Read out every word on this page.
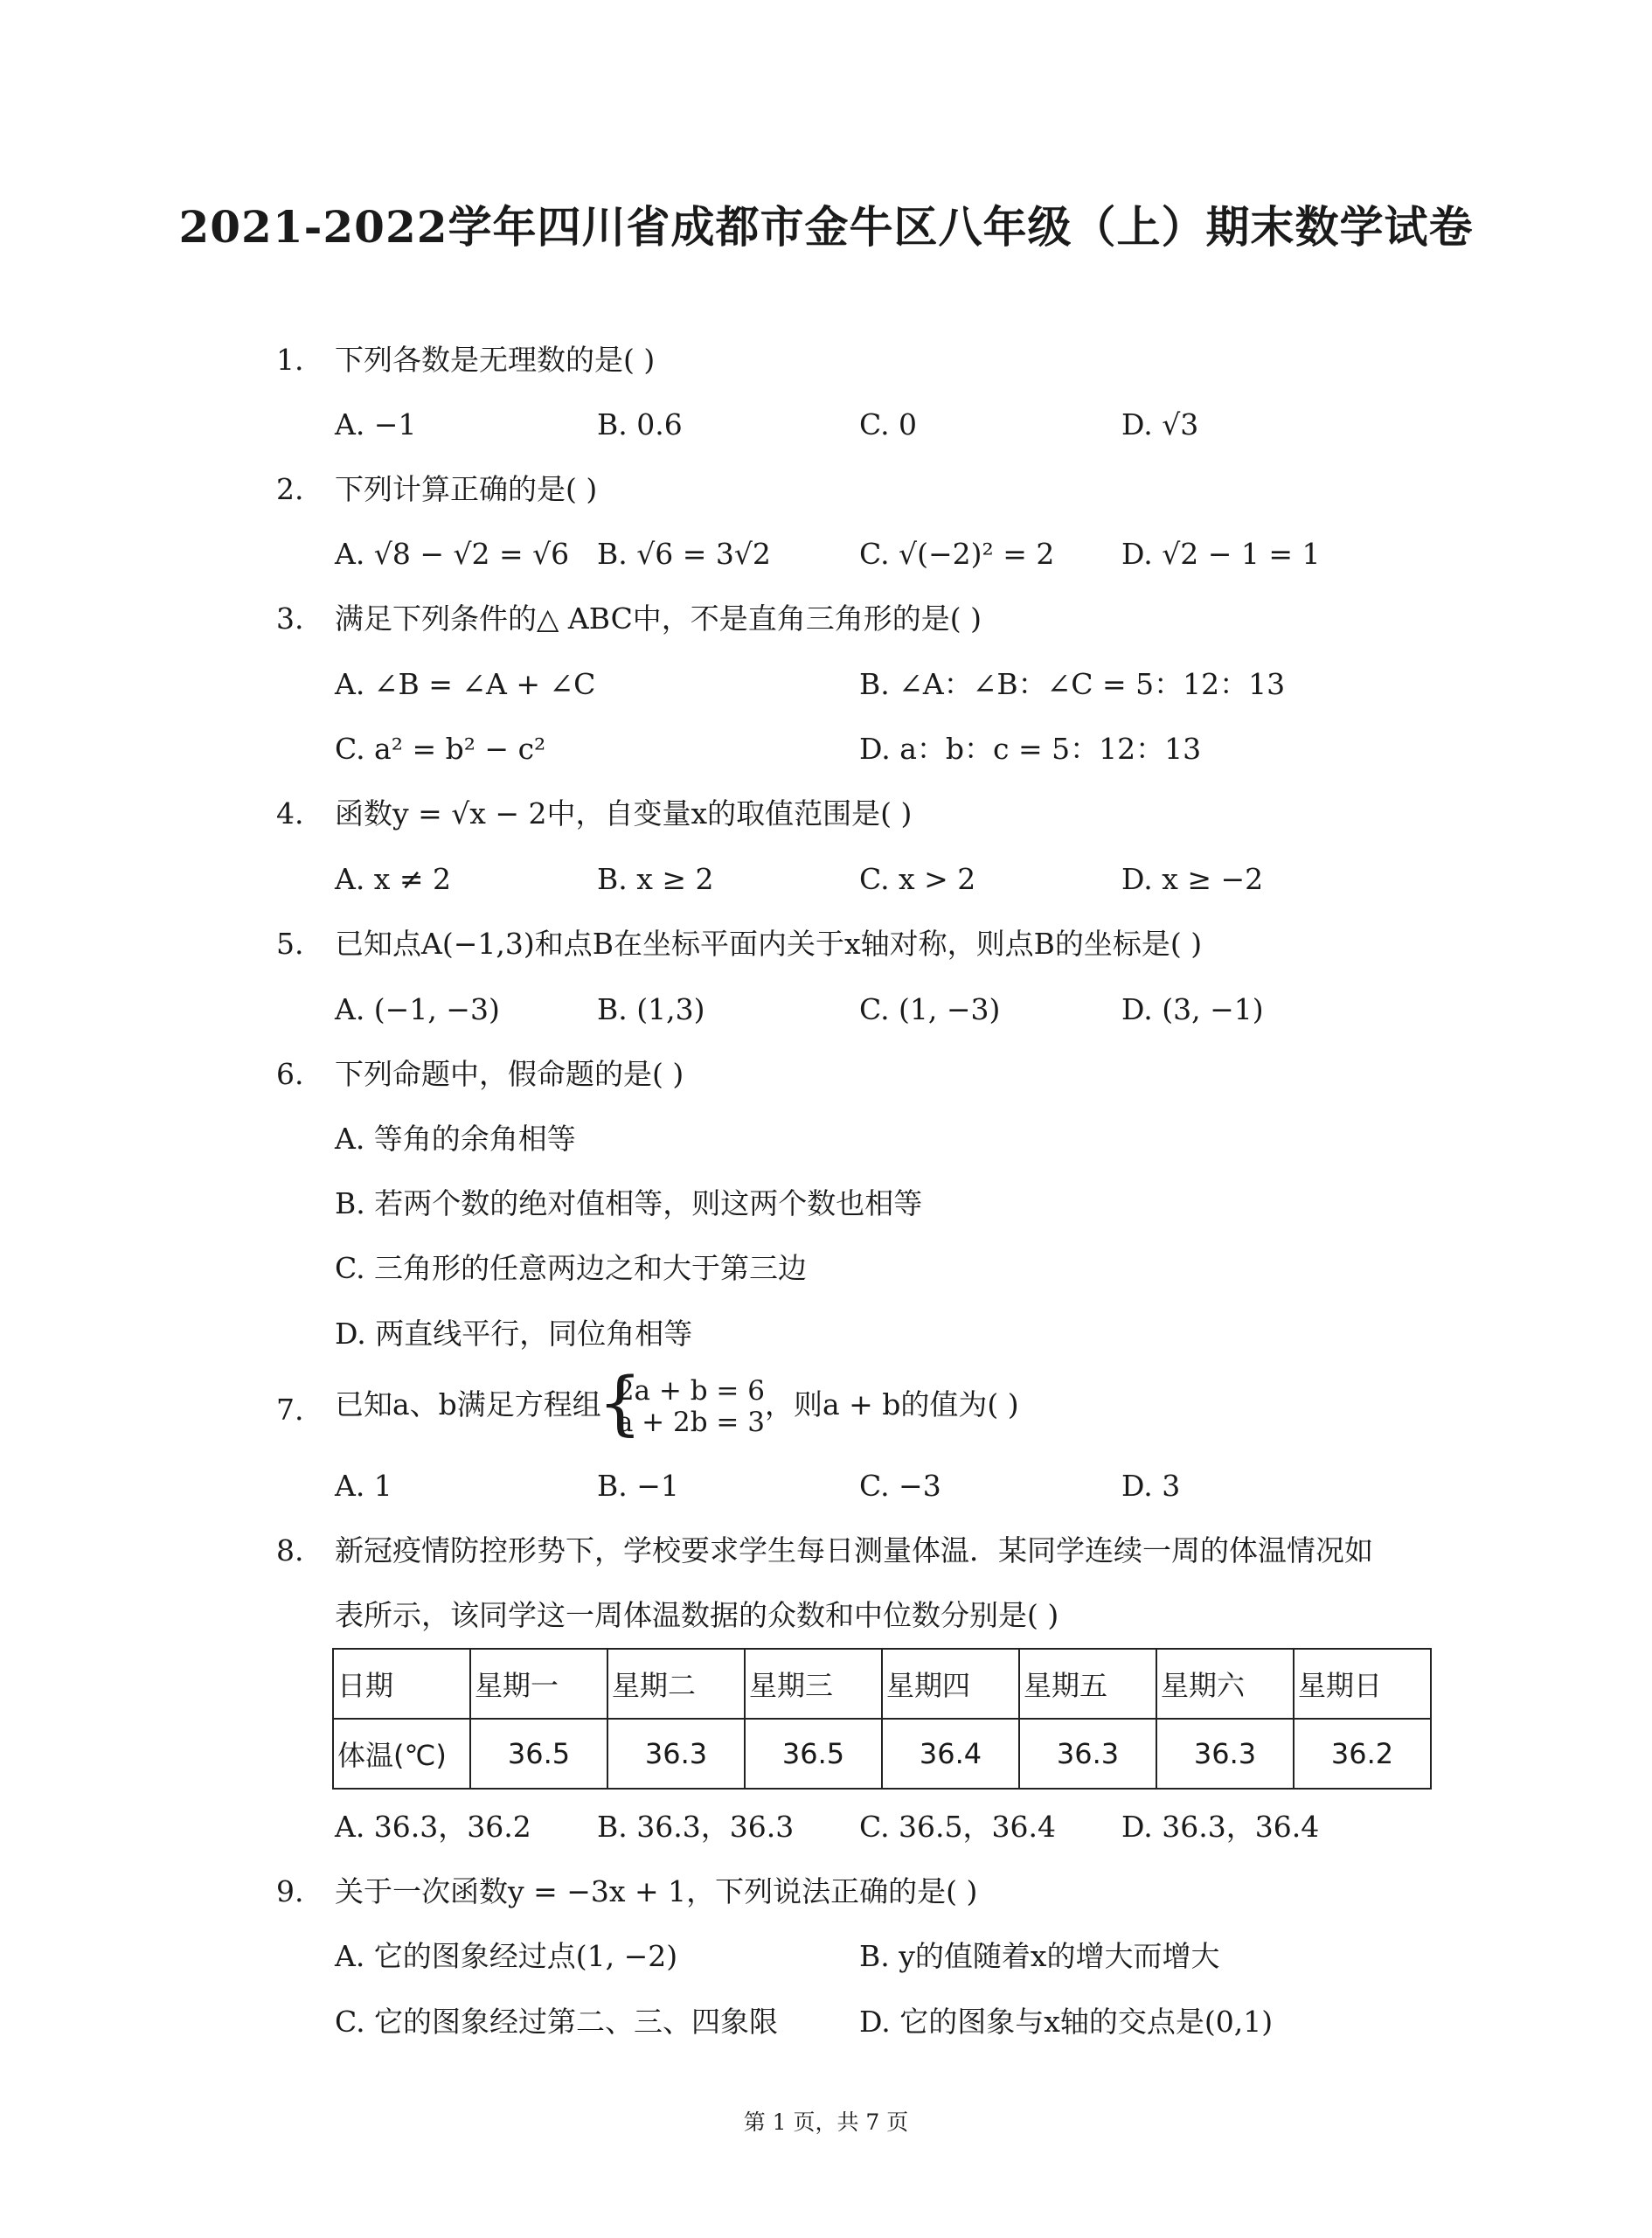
2021-2022学年四川省成都市金牛区八年级（上）期末数学试卷
1. 下列各数是无理数的是( )
A. −1	B. 0.6	C. 0	D. √3
2. 下列计算正确的是( )
A. √8 − √2 = √6 B. √6 = 3√2	C. √(−2)² = 2 D. √2 − 1 = 1
3. 满足下列条件的△ ABC中，不是直角三角形的是( )
A. ∠B = ∠A + ∠C	B. ∠A：∠B：∠C = 5：12：13
C. a² = b² − c²	D. a：b：c = 5：12：13
4. 函数y = √x − 2中，自变量x的取值范围是( )
A. x ≠ 2	B. x ≥ 2	C. x > 2	D. x ≥ −2
5. 已知点A(−1,3)和点B在坐标平面内关于x轴对称，则点B的坐标是( )
A. (−1, −3)	B. (1,3)	C. (1, −3)	D. (3, −1)
6. 下列命题中，假命题的是( )
A. 等角的余角相等
B. 若两个数的绝对值相等，则这两个数也相等
C. 三角形的任意两边之和大于第三边
D. 两直线平行，同位角相等
7. 已知a、b满足方程组 { 2a + b = 6
a + 2b = 3
，则a + b的值为( )
A. 1	B. −1	C. −3	D. 3
8. 新冠疫情防控形势下，学校要求学生每日测量体温．某同学连续一周的体温情况如
表所示，该同学这一周体温数据的众数和中位数分别是( )
日期	星期一	星期二	星期三	星期四	星期五	星期六	星期日
体温(℃)	36.5	36.3	36.5	36.4	36.3	36.3	36.2
A. 36.3，36.2 B. 36.3，36.3 C. 36.5，36.4 D. 36.3，36.4
9. 关于一次函数y = −3x + 1，下列说法正确的是( )
A. 它的图象经过点(1, −2)	B. y的值随着x的增大而增大
C. 它的图象经过第二、三、四象限	D. 它的图象与x轴的交点是(0,1)
第 1 页，共 7 页
